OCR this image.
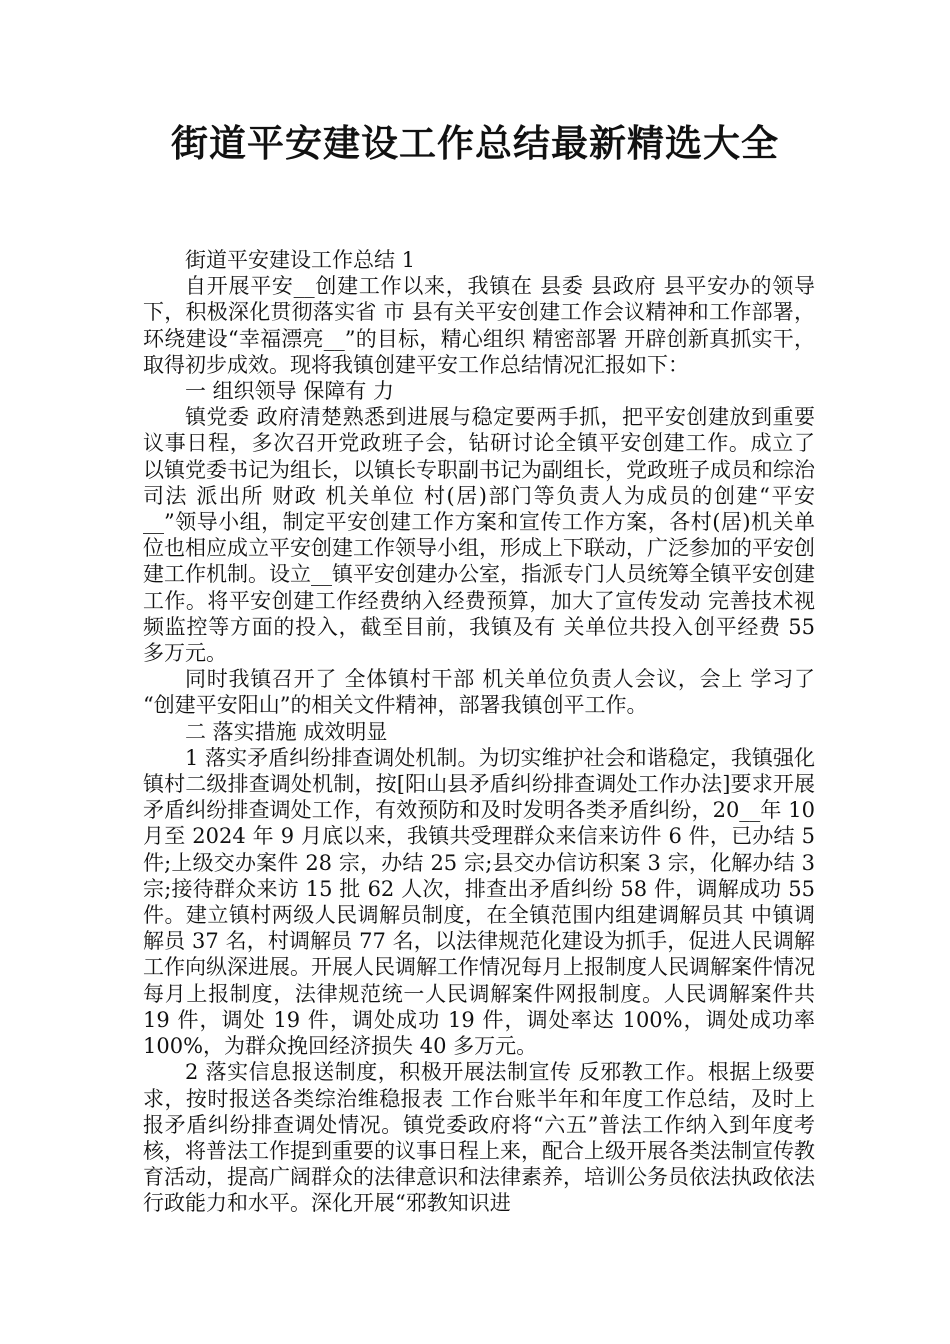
街道平安建设工作总结最新精选大全

街道平安建设工作总结 1

自开展平安__创建工作以来，我镇在 县委 县政府 县平安办的领导下，积极深化贯彻落实省 市 县有关平安创建工作会议精神和工作部署，环绕建设“幸福漂亮__”的目标，精心组织 精密部署 开辟创新真抓实干，取得初步成效。现将我镇创建平安工作总结情况汇报如下：

一 组织领导 保障有 力

镇党委 政府清楚熟悉到进展与稳定要两手抓，把平安创建放到重要议事日程，多次召开党政班子会，钻研讨论全镇平安创建工作。成立了 以镇党委书记为组长，以镇长专职副书记为副组长，党政班子成员和综治 司法 派出所 财政 机关单位 村(居)部门等负责人为成员的创建“平安__”领导小组，制定平安创建工作方案和宣传工作方案，各村(居)机关单位也相应成立平安创建工作领导小组，形成上下联动，广泛参加的平安创建工作机制。设立__镇平安创建办公室，指派专门人员统筹全镇平安创建工作。将平安创建工作经费纳入经费预算，加大了宣传发动 完善技术视频监控等方面的投入，截至目前，我镇及有 关单位共投入创平经费 55 多万元。

同时我镇召开了 全体镇村干部 机关单位负责人会议，会上 学习了 “创建平安阳山”的相关文件精神，部署我镇创平工作。

二 落实措施 成效明显

1 落实矛盾纠纷排查调处机制。为切实维护社会和谐稳定，我镇强化镇村二级排查调处机制，按[阳山县矛盾纠纷排查调处工作办法]要求开展矛盾纠纷排查调处工作，有效预防和及时发明各类矛盾纠纷，20__年 10 月至 2024 年 9 月底以来，我镇共受理群众来信来访件 6 件，已办结 5 件;上级交办案件 28 宗，办结 25 宗;县交办信访积案 3 宗，化解办结 3 宗;接待群众来访 15 批 62 人次，排查出矛盾纠纷 58 件，调解成功 55 件。建立镇村两级人民调解员制度，在全镇范围内组建调解员其 中镇调解员 37 名，村调解员 77 名，以法律规范化建设为抓手，促进人民调解工作向纵深进展。开展人民调解工作情况每月上报制度人民调解案件情况每月上报制度，法律规范统一人民调解案件网报制度。人民调解案件共 19 件，调处 19 件，调处成功 19 件，调处率达 100%，调处成功率 100%，为群众挽回经济损失 40 多万元。

2 落实信息报送制度，积极开展法制宣传 反邪教工作。根据上级要求，按时报送各类综治维稳报表 工作台账半年和年度工作总结，及时上报矛盾纠纷排查调处情况。镇党委政府将“六五”普法工作纳入到年度考核，将普法工作提到重要的议事日程上来，配合上级开展各类法制宣传教育活动，提高广阔群众的法律意识和法律素养，培训公务员依法执政依法行政能力和水平。深化开展“邪教知识进
